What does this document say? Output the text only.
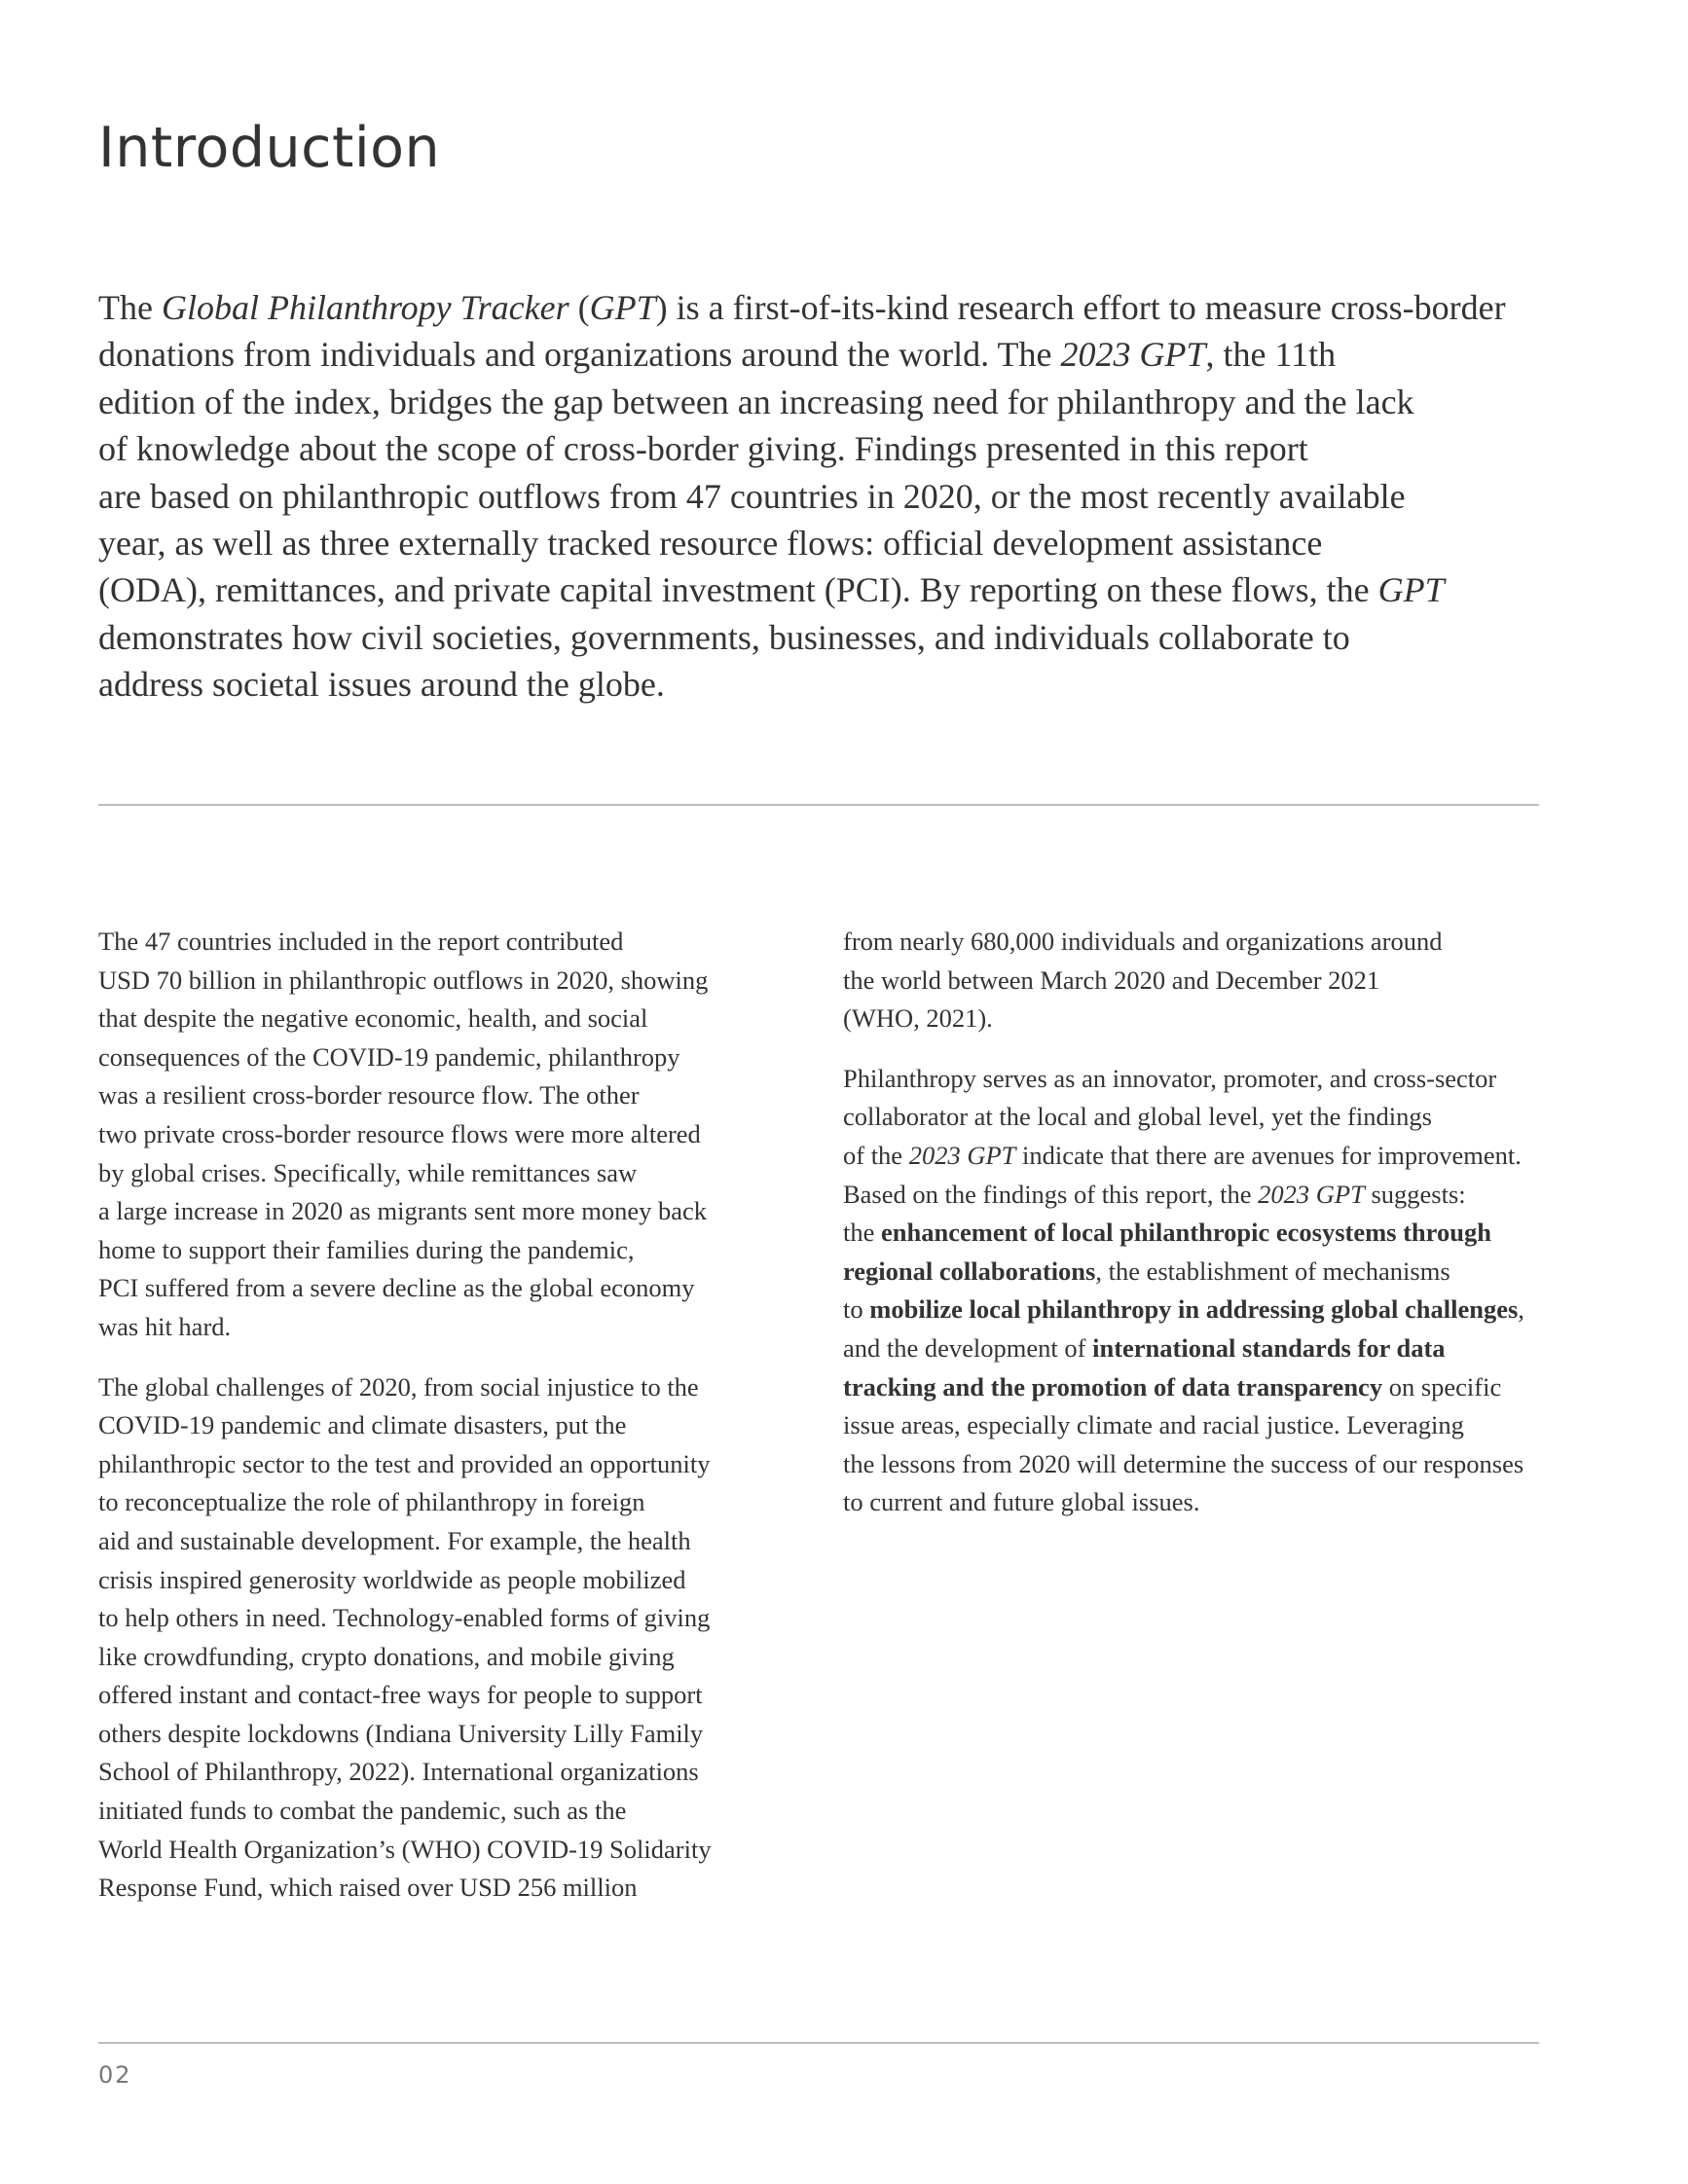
Introduction

The Global Philanthropy Tracker (GPT) is a first-of-its-kind research effort to measure cross-border
donations from individuals and organizations around the world. The 2023 GPT, the 11th
edition of the index, bridges the gap between an increasing need for philanthropy and the lack
of knowledge about the scope of cross-border giving. Findings presented in this report
are based on philanthropic outflows from 47 countries in 2020, or the most recently available
year, as well as three externally tracked resource flows: official development assistance
(ODA), remittances, and private capital investment (PCI). By reporting on these flows, the GPT
demonstrates how civil societies, governments, businesses, and individuals collaborate to
address societal issues around the globe.

The 47 countries included in the report contributed
USD 70 billion in philanthropic outflows in 2020, showing
that despite the negative economic, health, and social
consequences of the COVID-19 pandemic, philanthropy
was a resilient cross-border resource flow. The other
two private cross-border resource flows were more altered
by global crises. Specifically, while remittances saw
a large increase in 2020 as migrants sent more money back
home to support their families during the pandemic,
PCI suffered from a severe decline as the global economy
was hit hard.

The global challenges of 2020, from social injustice to the
COVID-19 pandemic and climate disasters, put the
philanthropic sector to the test and provided an opportunity
to reconceptualize the role of philanthropy in foreign
aid and sustainable development. For example, the health
crisis inspired generosity worldwide as people mobilized
to help others in need. Technology-enabled forms of giving
like crowdfunding, crypto donations, and mobile giving
offered instant and contact-free ways for people to support
others despite lockdowns (Indiana University Lilly Family
School of Philanthropy, 2022). International organizations
initiated funds to combat the pandemic, such as the
World Health Organization’s (WHO) COVID-19 Solidarity
Response Fund, which raised over USD 256 million

from nearly 680,000 individuals and organizations around
the world between March 2020 and December 2021
(WHO, 2021).

Philanthropy serves as an innovator, promoter, and cross-sector
collaborator at the local and global level, yet the findings
of the 2023 GPT indicate that there are avenues for improvement.
Based on the findings of this report, the 2023 GPT suggests:
the enhancement of local philanthropic ecosystems through
regional collaborations, the establishment of mechanisms
to mobilize local philanthropy in addressing global challenges,
and the development of international standards for data
tracking and the promotion of data transparency on specific
issue areas, especially climate and racial justice. Leveraging
the lessons from 2020 will determine the success of our responses
to current and future global issues.

02
